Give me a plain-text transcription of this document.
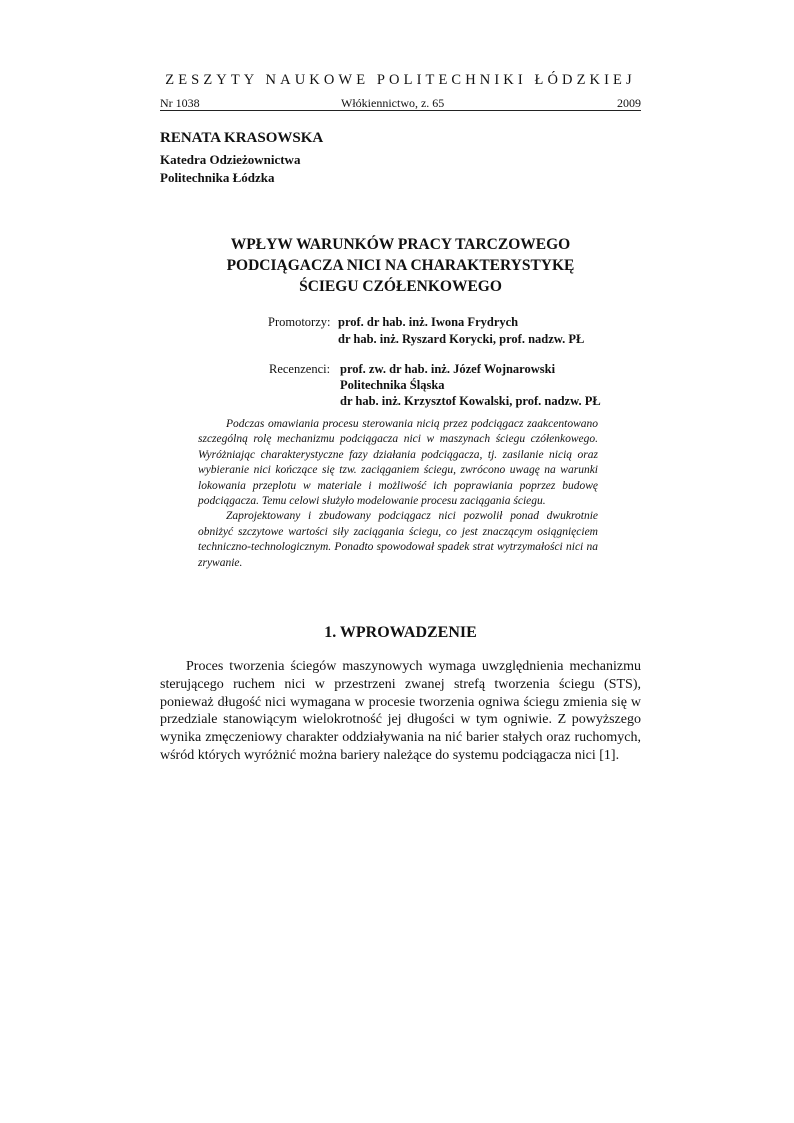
ZESZYTY NAUKOWE POLITECHNIKI ŁÓDZKIEJ
Nr 1038	Włókiennictwo, z. 65	2009
RENATA KRASOWSKA
Katedra Odzieżownictwa
Politechnika Łódzka
WPŁYW WARUNKÓW PRACY TARCZOWEGO
PODCIĄGACZA NICI NA CHARAKTERYSTYKĘ
ŚCIEGU CZÓŁENKOWEGO
Promotorzy: prof. dr hab. inż. Iwona Frydrych
dr hab. inż. Ryszard Korycki, prof. nadzw. PŁ
Recenzenci: prof. zw. dr hab. inż. Józef Wojnarowski
Politechnika Śląska
dr hab. inż. Krzysztof Kowalski, prof. nadzw. PŁ

Podczas omawiania procesu sterowania nicią przez podciągacz zaakcentowano szczególną rolę mechanizmu podciągacza nici w maszynach ściegu czółenkowego. Wyróżniając charakterystyczne fazy działania podciągacza, tj. zasilanie nicią oraz wybieranie nici kończące się tzw. zaciąganiem ściegu, zwrócono uwagę na warunki lokowania przeplotu w materiale i możliwość ich poprawiania poprzez budowę podciągacza. Temu celowi służyło modelowanie procesu zaciągania ściegu.

Zaprojektowany i zbudowany podciągacz nici pozwolił ponad dwukrotnie obniżyć szczytowe wartości siły zaciągania ściegu, co jest znaczącym osiągnięciem techniczno-technologicznym. Ponadto spowodował spadek strat wytrzymałości nici na zrywanie.

1. WPROWADZENIE

Proces tworzenia ściegów maszynowych wymaga uwzględnienia mechanizmu sterującego ruchem nici w przestrzeni zwanej strefą tworzenia ściegu (STS), ponieważ długość nici wymagana w procesie tworzenia ogniwa ściegu zmienia się w przedziale stanowiącym wielokrotność jej długości w tym ogniwie. Z powyższego wynika zmęczeniowy charakter oddziaływania na nić barier stałych oraz ruchomych, wśród których wyróżnić można bariery należące do systemu podciągacza nici [1].
